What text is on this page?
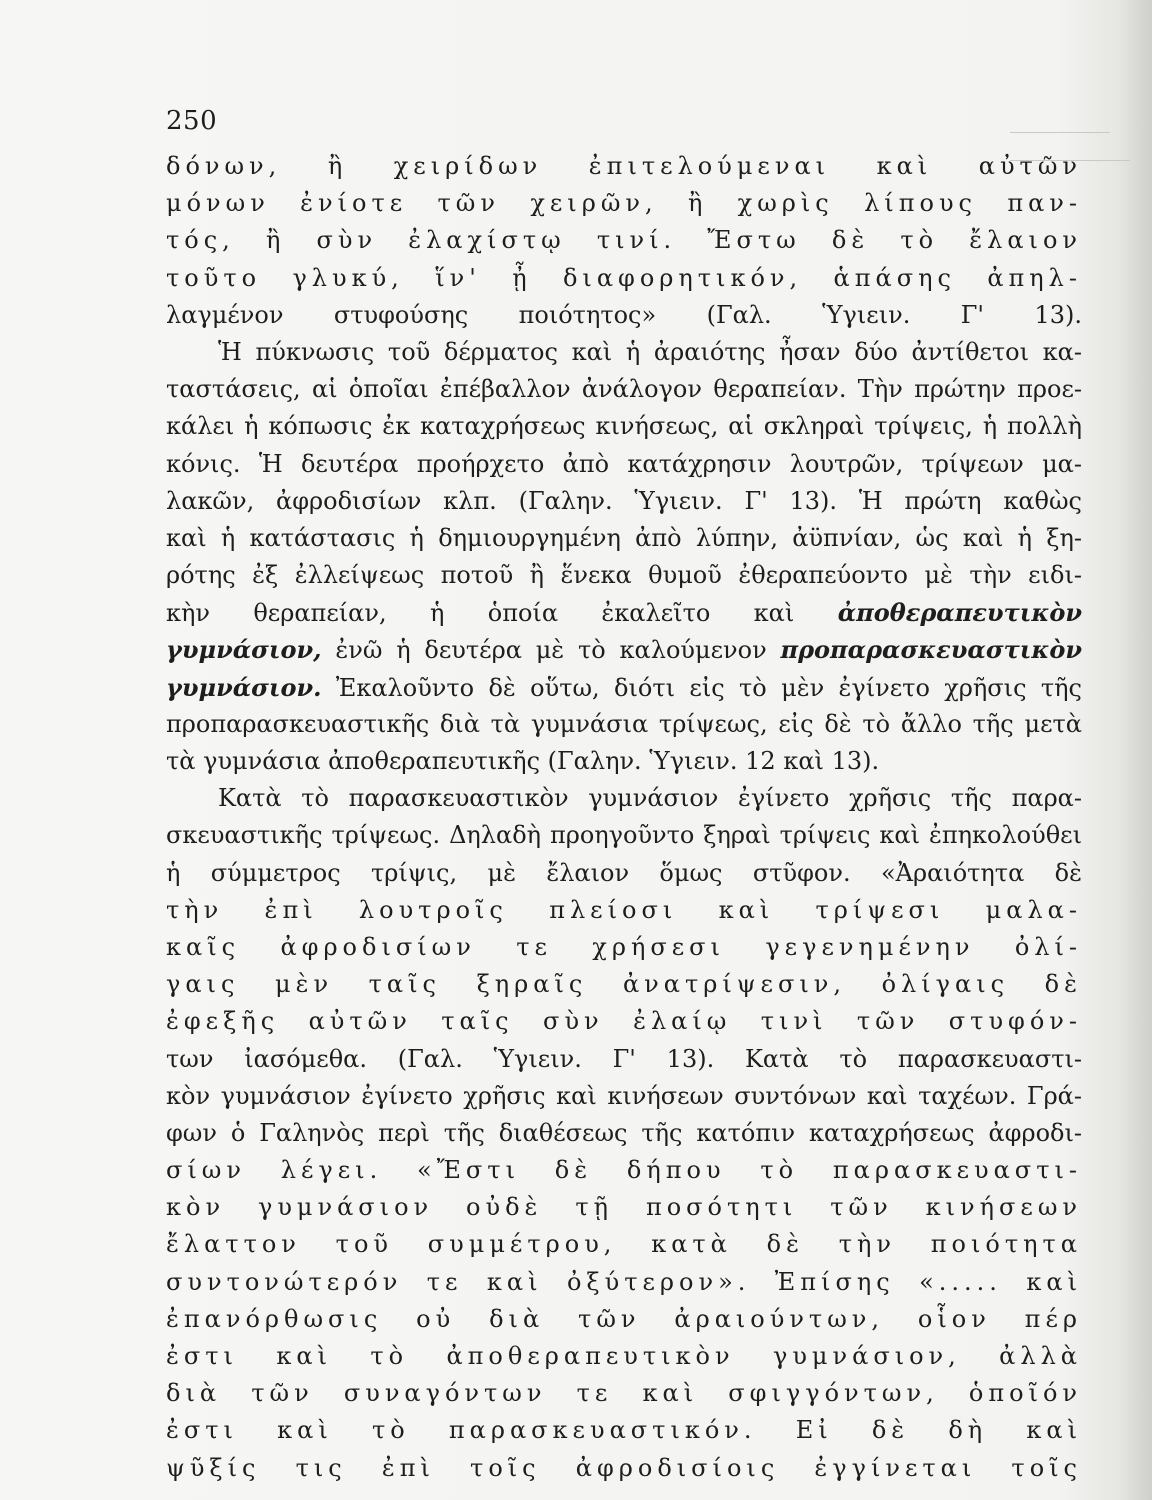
250
δόνων, ἢ χειρίδων ἐπιτελούμεναι καὶ αὐτῶν
μόνων ἐνίοτε τῶν χειρῶν, ἢ χωρὶς λίπους παν-
τός, ἢ σὺν ἐλαχίστῳ τινί. Ἔστω δὲ τὸ ἔλαιον
τοῦτο γλυκύ, ἵν' ᾖ διαφορητικόν, ἁπάσης ἀπηλ-
λαγμένον στυφούσης ποιότητος» (Γαλ. Ὑγιειν. Γ' 13).
Ἡ πύκνωσις τοῦ δέρματος καὶ ἡ ἀραιότης ἦσαν δύο ἀντίθετοι κα-
ταστάσεις, αἱ ὁποῖαι ἐπέβαλλον ἀνάλογον θεραπείαν. Τὴν πρώτην προε-
κάλει ἡ κόπωσις ἐκ καταχρήσεως κινήσεως, αἱ σκληραὶ τρίψεις, ἡ πολλὴ
κόνις. Ἡ δευτέρα προήρχετο ἀπὸ κατάχρησιν λουτρῶν, τρίψεων μα-
λακῶν, ἀφροδισίων κλπ. (Γαλην. Ὑγιειν. Γ' 13). Ἡ πρώτη καθὼς
καὶ ἡ κατάστασις ἡ δημιουργημένη ἀπὸ λύπην, ἀϋπνίαν, ὡς καὶ ἡ ξη-
ρότης ἐξ ἐλλείψεως ποτοῦ ἢ ἕνεκα θυμοῦ ἐθεραπεύοντο μὲ τὴν ειδι-
κὴν θεραπείαν, ἡ ὁποία ἐκαλεῖτο καὶ ἀποθεραπευτικὸν
γυμνάσιον, ἐνῶ ἡ δευτέρα μὲ τὸ καλούμενον προπαρασκευαστικὸν
γυμνάσιον. Ἐκαλοῦντο δὲ οὕτω, διότι εἰς τὸ μὲν ἐγίνετο χρῆσις τῆς
προπαρασκευαστικῆς διὰ τὰ γυμνάσια τρίψεως, εἰς δὲ τὸ ἄλλο τῆς μετὰ
τὰ γυμνάσια ἀποθεραπευτικῆς (Γαλην. Ὑγιειν. 12 καὶ 13).
Κατὰ τὸ παρασκευαστικὸν γυμνάσιον ἐγίνετο χρῆσις τῆς παρα-
σκευαστικῆς τρίψεως. Δηλαδὴ προηγοῦντο ξηραὶ τρίψεις καὶ ἐπηκολούθει
ἡ σύμμετρος τρίψις, μὲ ἔλαιον ὅμως στῦφον. «Ἀραιότητα δὲ
τὴν ἐπὶ λουτροῖς πλείοσι καὶ τρίψεσι μαλα-
καῖς ἀφροδισίων τε χρήσεσι γεγενημένην ὀλί-
γαις μὲν ταῖς ξηραῖς ἀνατρίψεσιν, ὀλίγαις δὲ
ἐφεξῆς αὐτῶν ταῖς σὺν ἐλαίῳ τινὶ τῶν στυφόν-
των ἰασόμεθα. (Γαλ. Ὑγιειν. Γ' 13). Κατὰ τὸ παρασκευαστι-
κὸν γυμνάσιον ἐγίνετο χρῆσις καὶ κινήσεων συντόνων καὶ ταχέων. Γρά-
φων ὁ Γαληνὸς περὶ τῆς διαθέσεως τῆς κατόπιν καταχρήσεως ἀφροδι-
σίων λέγει. «Ἔστι δὲ δήπου τὸ παρασκευαστι-
κὸν γυμνάσιον οὐδὲ τῇ ποσότητι τῶν κινήσεων
ἔλαττον τοῦ συμμέτρου, κατὰ δὲ τὴν ποιότητα
συντονώτερόν τε καὶ ὀξύτερον». Ἐπίσης «..... καὶ
ἐπανόρθωσις οὐ διὰ τῶν ἀραιούντων, οἷον πέρ
ἐστι καὶ τὸ ἀποθεραπευτικὸν γυμνάσιον, ἀλλὰ
διὰ τῶν συναγόντων τε καὶ σφιγγόντων, ὁποῖόν
ἐστι καὶ τὸ παρασκευαστικόν. Εἰ δὲ δὴ καὶ
ψῦξίς τις ἐπὶ τοῖς ἀφροδισίοις ἐγγίνεται τοῖς
